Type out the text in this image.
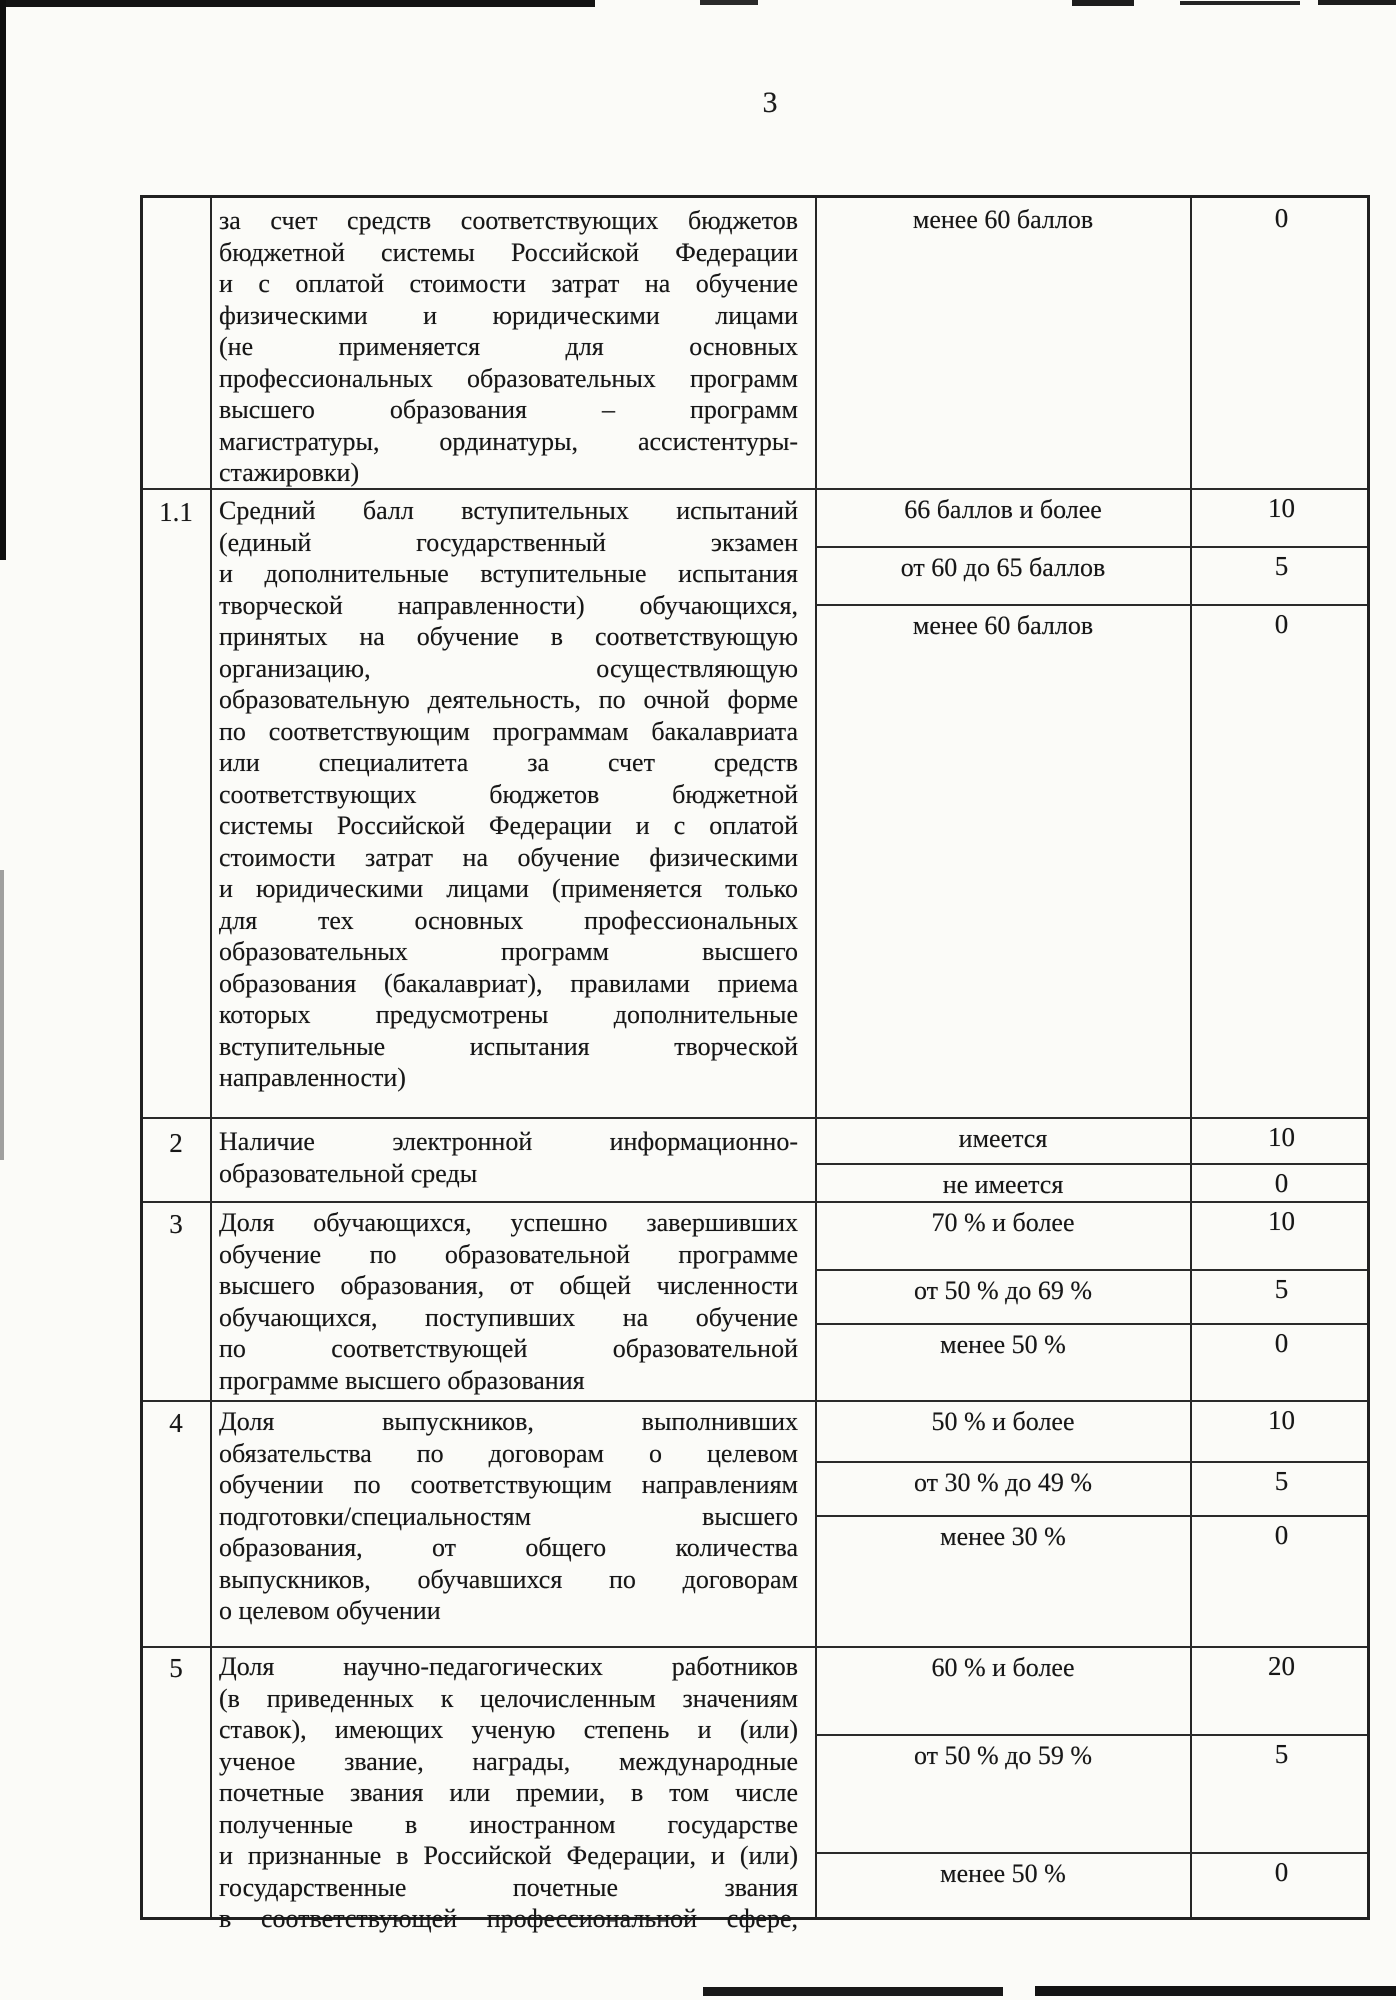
3
за счет средств соответствующих бюджетов
бюджетной системы Российской Федерации
и с оплатой стоимости затрат на обучение
физическими и юридическими лицами
(не применяется для основных
профессиональных образовательных программ
высшего образования – программ
магистратуры, ординатуры, ассистентуры-
стажировки)
менее 60 баллов	0
1.1	Средний балл вступительных испытаний
(единый государственный экзамен
и дополнительные вступительные испытания
творческой направленности) обучающихся,
принятых на обучение в соответствующую
организацию, осуществляющую
образовательную деятельность, по очной форме
по соответствующим программам бакалавриата
или специалитета за счет средств
соответствующих бюджетов бюджетной
системы Российской Федерации и с оплатой
стоимости затрат на обучение физическими
и юридическими лицами (применяется только
для тех основных профессиональных
образовательных программ высшего
образования (бакалавриат), правилами приема
которых предусмотрены дополнительные
вступительные испытания творческой
направленности)
66 баллов и более	10
от 60 до 65 баллов	5
менее 60 баллов	0
2	Наличие электронной информационно-
образовательной среды
имеется	10
не имеется	0
3	Доля обучающихся, успешно завершивших
обучение по образовательной программе
высшего образования, от общей численности
обучающихся, поступивших на обучение
по соответствующей образовательной
программе высшего образования
70 % и более	10
от 50 % до 69 %	5
менее 50 %	0
4	Доля выпускников, выполнивших
обязательства по договорам о целевом
обучении по соответствующим направлениям
подготовки/специальностям высшего
образования, от общего количества
выпускников, обучавшихся по договорам
о целевом обучении
50 % и более	10
от 30 % до 49 %	5
менее 30 %	0
5	Доля научно-педагогических работников
(в приведенных к целочисленным значениям
ставок), имеющих ученую степень и (или)
ученое звание, награды, международные
почетные звания или премии, в том числе
полученные в иностранном государстве
и признанные в Российской Федерации, и (или)
государственные почетные звания
в соответствующей профессиональной сфере,
60 % и более	20
от 50 % до 59 %	5
менее 50 %	0
